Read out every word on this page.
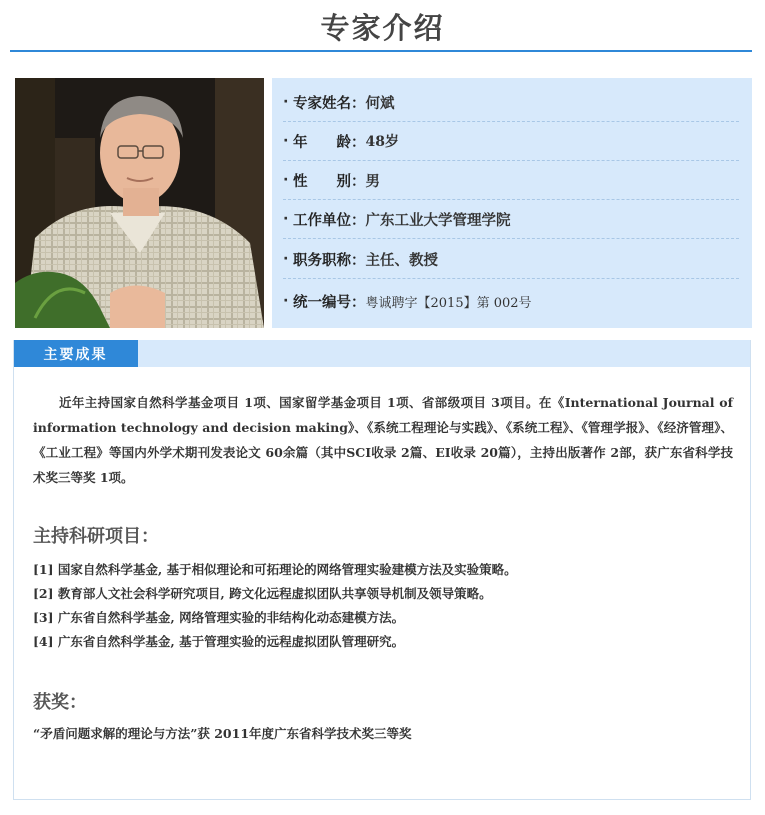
专家介绍
· 专家姓名： 何斌
· 年　　龄： 48岁
· 性　　别： 男
· 工作单位： 广东工业大学管理学院
· 职务职称： 主任、教授
· 统一编号： 粤诚聘字【2015】第 002号
主要成果
近年主持国家自然科学基金项目 1项、国家留学基金项目 1项、省部级项目 3项目。在《International Journal of information technology and decision making》、《系统工程理论与实践》、《系统工程》、《管理学报》、《经济管理》、《工业工程》等国内外学术期刊发表论文 60余篇（其中SCI收录 2篇、EI收录 20篇），主持出版著作 2部，获广东省科学技术奖三等奖 1项。
主持科研项目：
[1] 国家自然科学基金, 基于相似理论和可拓理论的网络管理实验建模方法及实验策略。
[2] 教育部人文社会科学研究项目, 跨文化远程虚拟团队共享领导机制及领导策略。
[3] 广东省自然科学基金, 网络管理实验的非结构化动态建模方法。
[4] 广东省自然科学基金, 基于管理实验的远程虚拟团队管理研究。
获奖：
“矛盾问题求解的理论与方法”获 2011年度广东省科学技术奖三等奖
